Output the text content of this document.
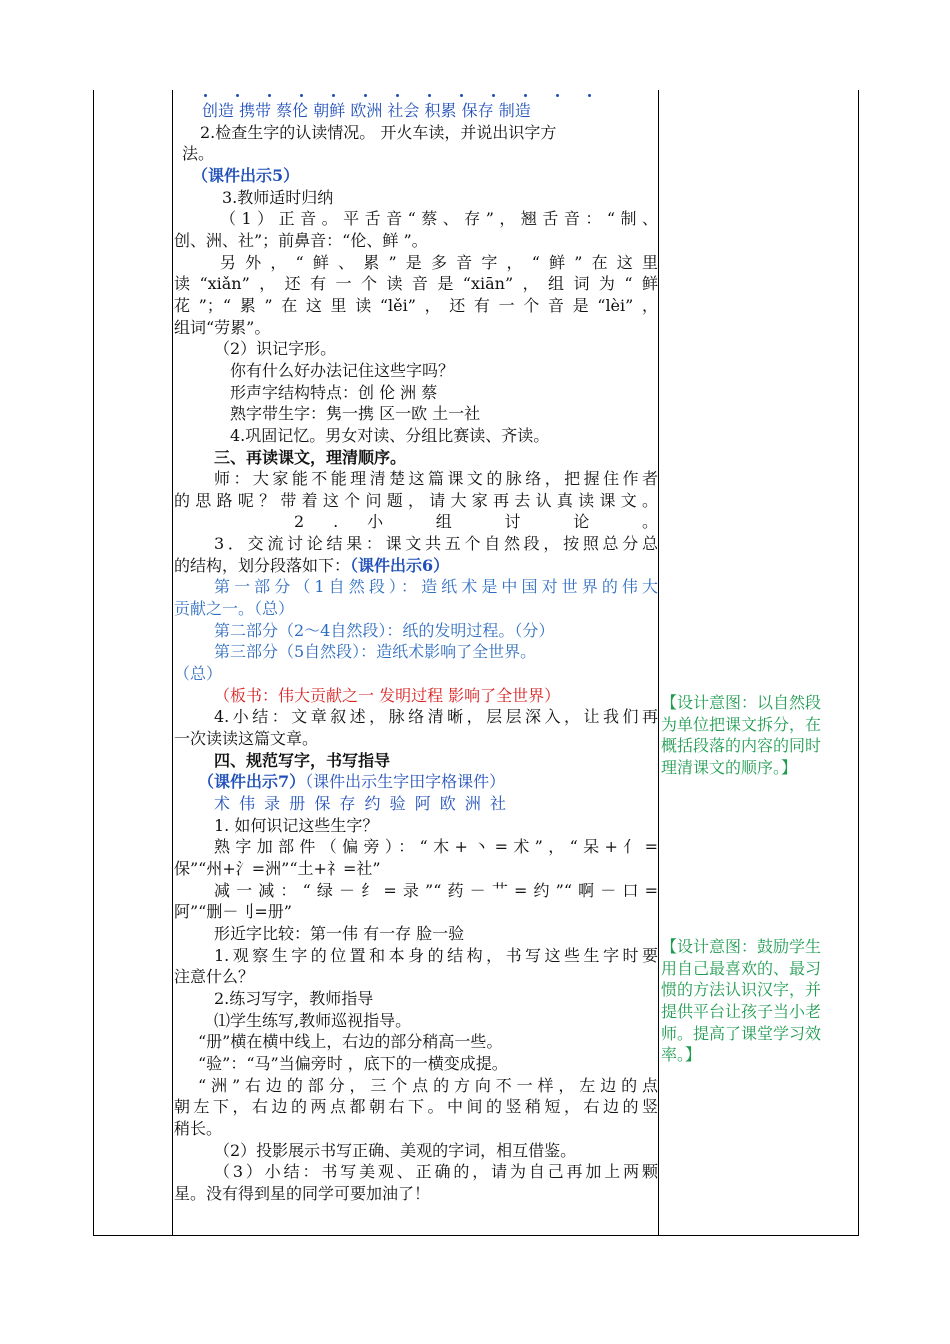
创造 携带 蔡伦 朝鲜 欧洲 社会 积累 保存 制造
2.检查生字的认读情况。 开火车读，并说出识字方
法。
（课件出示5）
3.教师适时归纳
（1）正音。平舌音“蔡、存”，翘舌音：“制、
创、洲、社”；前鼻音：“伦、鲜 ”。
另外，“鲜、累”是多音字，“鲜”在这里
读“xiǎn”，还有一个读音是“xiān”，组词为“鲜
花”；“累”在这里读“lěi”，还有一个音是“lèi”，
组词“劳累”。
（2）识记字形。
你有什么好办法记住这些字吗？
形声字结构特点：创 伦 洲 蔡
熟字带生字：隽一携 区一欧 土一社
4.巩固记忆。男女对读、分组比赛读、齐读。
三、再读课文，理清顺序。
师：大家能不能理清楚这篇课文的脉络，把握住作者
的思路呢？带着这个问题，请大家再去认真读课文。
2 . 小 组 讨 论 。
3．交流讨论结果：课文共五个自然段，按照总分总
的结构，划分段落如下：（课件出示6）
第一部分（1自然段）：造纸术是中国对世界的伟大
贡献之一。（总）
第二部分（2～4自然段）：纸的发明过程。（分）
第三部分（5自然段）：造纸术影响了全世界。
（总）
（板书：伟大贡献之一 发明过程 影响了全世界）
4.小结：文章叙述，脉络清晰，层层深入，让我们再
一次读读这篇文章。
四、规范写字，书写指导
（课件出示7）（课件出示生字田字格课件）
术 伟 录 册 保 存 约 验 阿 欧 洲 社
1. 如何识记这些生字？
熟字加部件（偏旁）：“木+丶=术”，“呆+亻=
保”“州+氵=洲”“土+礻=社”
减一减：“绿－纟=录”“药－艹=约”“啊－口=
阿”“删－刂=册”
形近字比较：第一伟 有一存 脸一验
1.观察生字的位置和本身的结构，书写这些生字时要
注意什么？
2.练习写字，教师指导
⑴学生练写,教师巡视指导。
“册”横在横中线上，右边的部分稍高一些。
“验”：“马”当偏旁时 ，底下的一横变成提。
“洲”右边的部分，三个点的方向不一样，左边的点
朝左下，右边的两点都朝右下。中间的竖稍短，右边的竖
稍长。
（2）投影展示书写正确、美观的字词，相互借鉴。
（3）小结：书写美观、正确的，请为自己再加上两颗
星。没有得到星的同学可要加油了！
【设计意图：以自然段
为单位把课文拆分，在
概括段落的内容的同时
理清课文的顺序。】
【设计意图：鼓励学生
用自己最喜欢的、最习
惯的方法认识汉字，并
提供平台让孩子当小老
师。提高了课堂学习效
率。】
